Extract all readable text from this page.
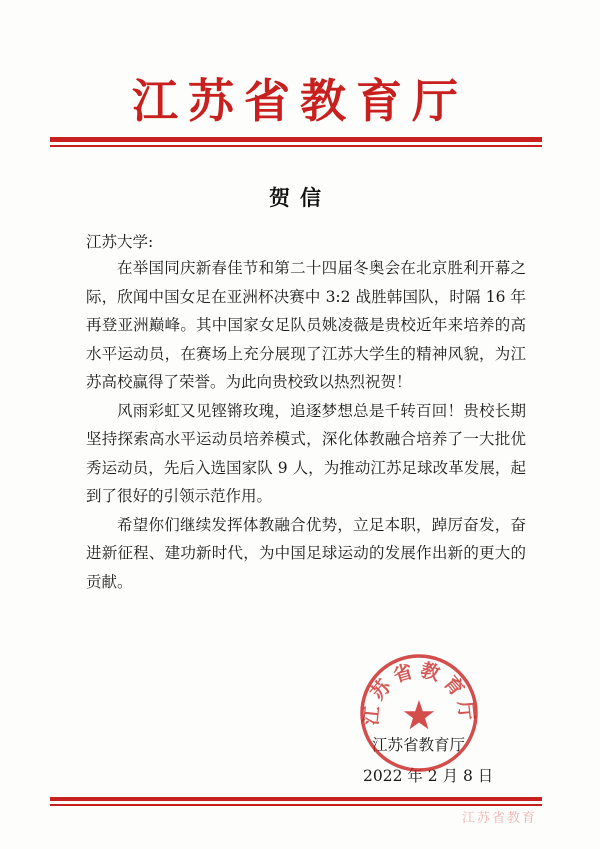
江苏省教育厅
贺信
江苏大学:

在举国同庆新春佳节和第二十四届冬奥会在北京胜利开幕之际，欣闻中国女足在亚洲杯决赛中 3:2 战胜韩国队，时隔 16 年再登亚洲巅峰。其中国家女足队员姚凌薇是贵校近年来培养的高水平运动员，在赛场上充分展现了江苏大学生的精神风貌，为江苏高校赢得了荣誉。为此向贵校致以热烈祝贺！

风雨彩虹又见铿锵玫瑰，追逐梦想总是千转百回！贵校长期坚持探索高水平运动员培养模式，深化体教融合培养了一大批优秀运动员，先后入选国家队 9 人，为推动江苏足球改革发展，起到了很好的引领示范作用。

希望你们继续发挥体教融合优势，立足本职，踔厉奋发，奋进新征程、建功新时代，为中国足球运动的发展作出新的更大的贡献。

江苏省教育厅
2022 年 2 月 8 日
江苏省教育厅
江苏省教育
